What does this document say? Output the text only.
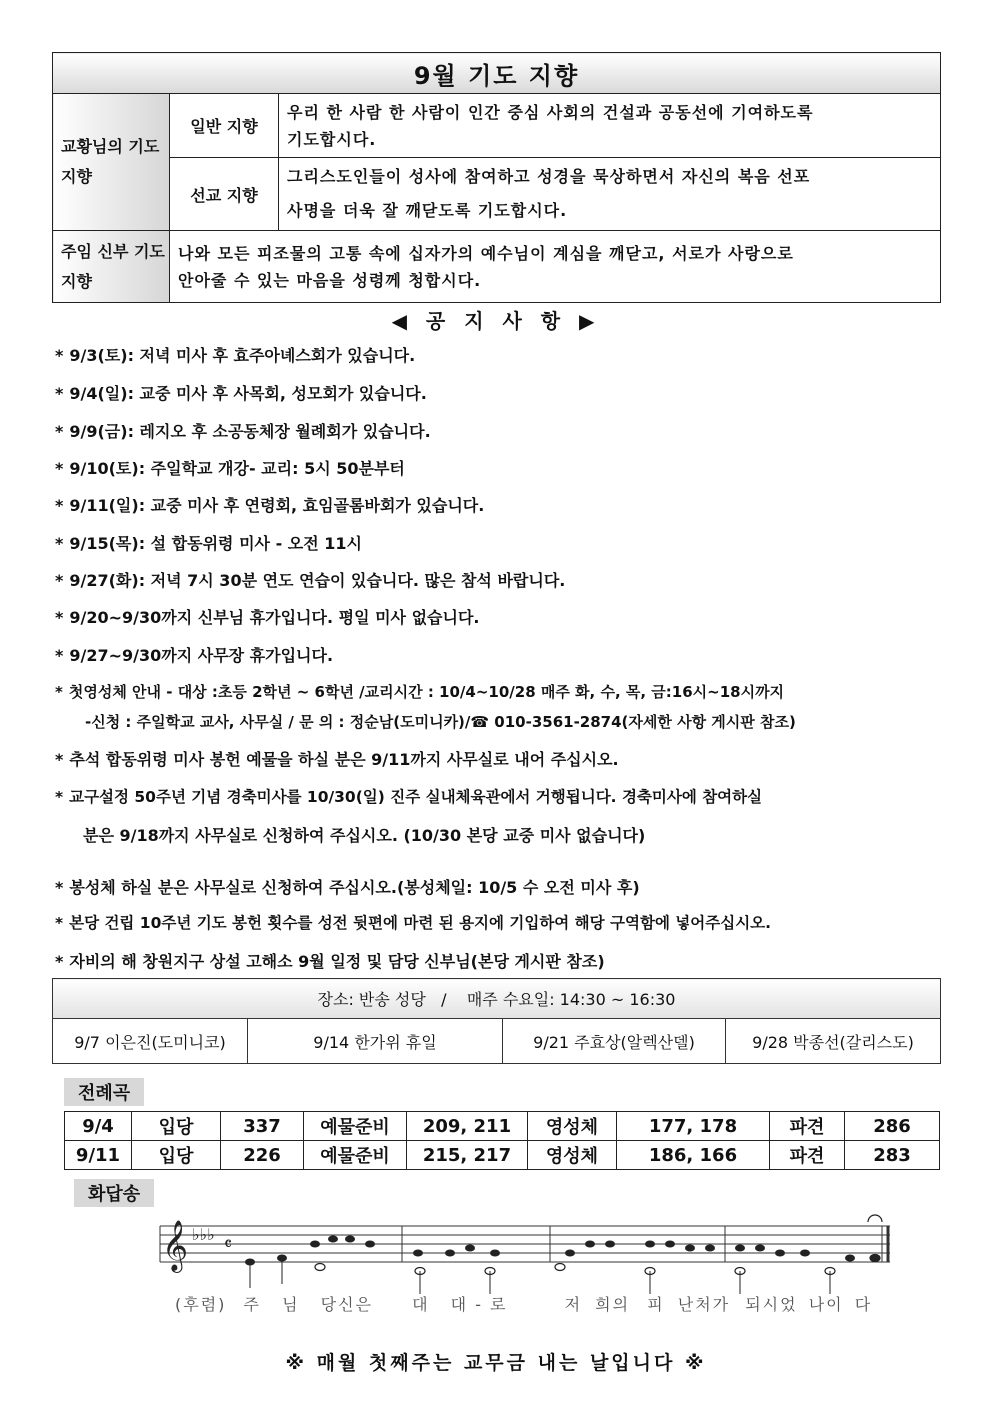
9월 기도 지향		
교황님의 기도 지향	일반 지향	우리 한 사람 한 사람이 인간 중심 사회의 건설과 공동선에 기여하도록
기도합시다.

	선교 지향	그리스도인들이 성사에 참여하고 성경을 묵상하면서 자신의 복음 선포
사명을 더욱 잘 깨닫도록 기도합시다.

주임 신부 기도 지향	나와 모든 피조물의 고통 속에 십자가의 예수님이 계심을 깨닫고, 서로가 사랑으로
안아줄 수 있는 마음을 성령께 청합시다.	
◀ 공 지 사 항 ▶
* 9/3(토): 저녁 미사 후 효주아녜스회가 있습니다.
* 9/4(일): 교중 미사 후 사목회, 성모회가 있습니다.
* 9/9(금): 레지오 후 소공동체장 월례회가 있습니다.
* 9/10(토): 주일학교 개강- 교리: 5시 50분부터
* 9/11(일): 교중 미사 후 연령회, 효임골롬바회가 있습니다.
* 9/15(목): 설 합동위령 미사 - 오전 11시
* 9/27(화): 저녁 7시 30분 연도 연습이 있습니다. 많은 참석 바랍니다.
* 9/20~9/30까지 신부님 휴가입니다. 평일 미사 없습니다.
* 9/27~9/30까지 사무장 휴가입니다.
* 첫영성체 안내 - 대상 :초등 2학년 ~ 6학년 /교리시간 : 10/4~10/28 매주 화, 수, 목, 금:16시~18시까지
-신청 : 주일학교 교사, 사무실 / 문 의 : 정순남(도미니카)/☎ 010-3561-2874(자세한 사항 게시판 참조)
* 추석 합동위령 미사 봉헌 예물을 하실 분은 9/11까지 사무실로 내어 주십시오.
* 교구설정 50주년 기념 경축미사를 10/30(일) 진주 실내체육관에서 거행됩니다. 경축미사에 참여하실
분은 9/18까지 사무실로 신청하여 주십시오. (10/30 본당 교중 미사 없습니다)
* 봉성체 하실 분은 사무실로 신청하여 주십시오.(봉성체일: 10/5 수 오전 미사 후)
* 본당 건립 10주년 기도 봉헌 횟수를 성전 뒷편에 마련 된 용지에 기입하여 해당 구역함에 넣어주십시오.
* 자비의 해 창원지구 상설 고해소 9월 일정 및 담당 신부님(본당 게시판 참조)
장소: 반송 성당   /    매주 수요일: 14:30 ~ 16:30
9/7 이은진(도미니코)	9/14 한가위 휴일	9/21 주효상(알렉산델)	9/28 박종선(갈리스도)
전례곡
9/4	입당	337	예물준비	209, 211	영성체	177, 178	파견	286
9/11	입당	226	예물준비	215, 217	영성체	186, 166	파견	283
화답송
𝄞 ♭♭♭ 𝄴
(후렴) 주 님 당신은 대 대 - 로	저 희의 피 난처가 되시었 나이 다
※ 매월 첫째주는 교무금 내는 날입니다 ※
